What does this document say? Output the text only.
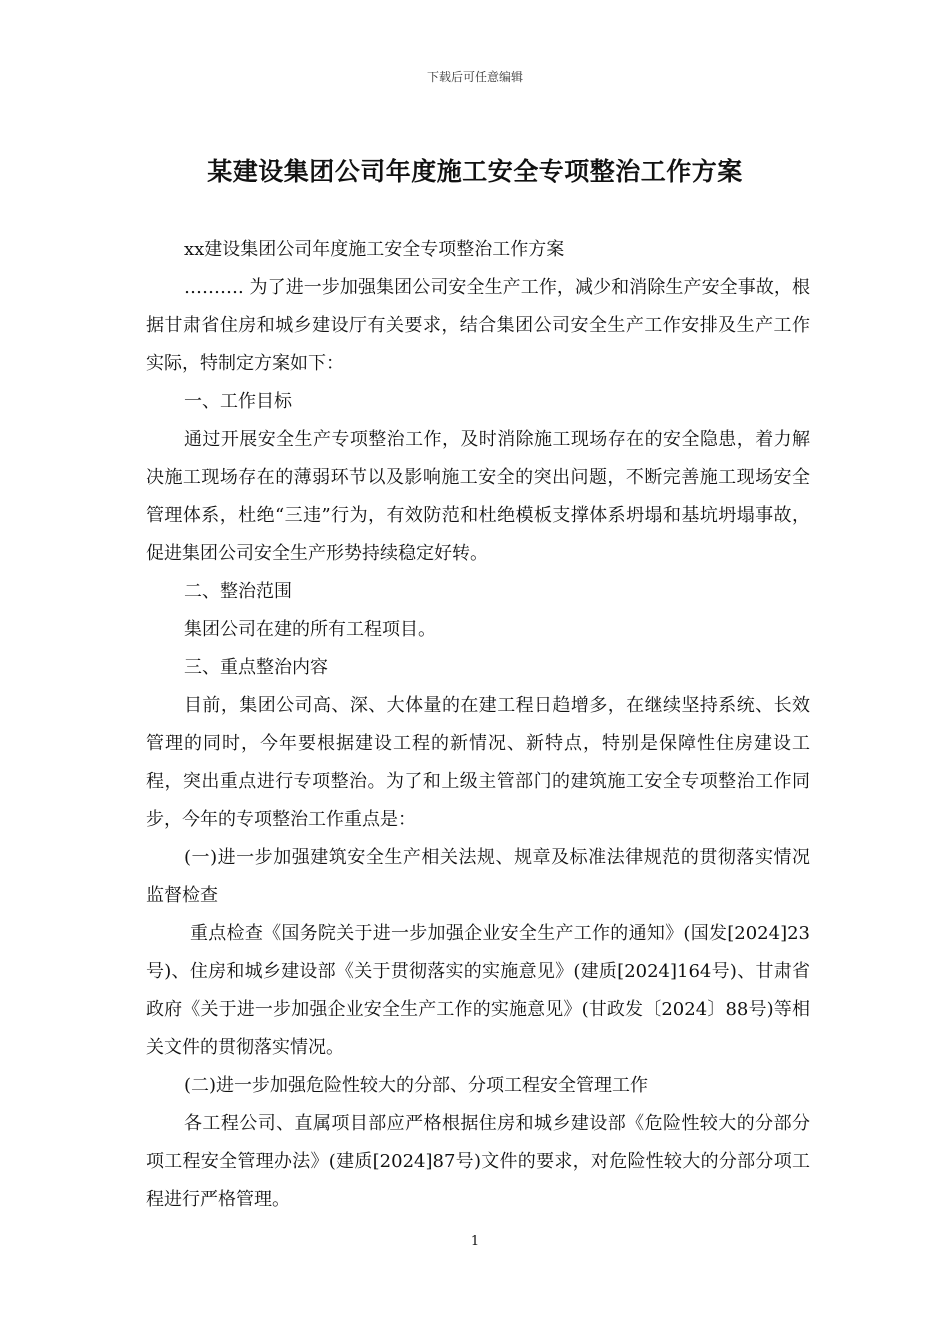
下载后可任意编辑
某建设集团公司年度施工安全专项整治工作方案

xx建设集团公司年度施工安全专项整治工作方案

………. 为了进一步加强集团公司安全生产工作，减少和消除生产安全事故，根据甘肃省住房和城乡建设厅有关要求，结合集团公司安全生产工作安排及生产工作实际，特制定方案如下：

一、工作目标

通过开展安全生产专项整治工作，及时消除施工现场存在的安全隐患，着力解决施工现场存在的薄弱环节以及影响施工安全的突出问题，不断完善施工现场安全管理体系，杜绝“三违”行为，有效防范和杜绝模板支撑体系坍塌和基坑坍塌事故，促进集团公司安全生产形势持续稳定好转。

二、整治范围

集团公司在建的所有工程项目。

三、重点整治内容

目前，集团公司高、深、大体量的在建工程日趋增多，在继续坚持系统、长效管理的同时，今年要根据建设工程的新情况、新特点，特别是保障性住房建设工程，突出重点进行专项整治。为了和上级主管部门的建筑施工安全专项整治工作同步，今年的专项整治工作重点是：

(一)进一步加强建筑安全生产相关法规、规章及标准法律规范的贯彻落实情况监督检查

重点检查《国务院关于进一步加强企业安全生产工作的通知》(国发[2024]23号)、住房和城乡建设部《关于贯彻落实的实施意见》(建质[2024]164号)、甘肃省政府《关于进一步加强企业安全生产工作的实施意见》(甘政发〔2024〕88号)等相关文件的贯彻落实情况。

(二)进一步加强危险性较大的分部、分项工程安全管理工作

各工程公司、直属项目部应严格根据住房和城乡建设部《危险性较大的分部分项工程安全管理办法》(建质[2024]87号)文件的要求，对危险性较大的分部分项工程进行严格管理。

1
